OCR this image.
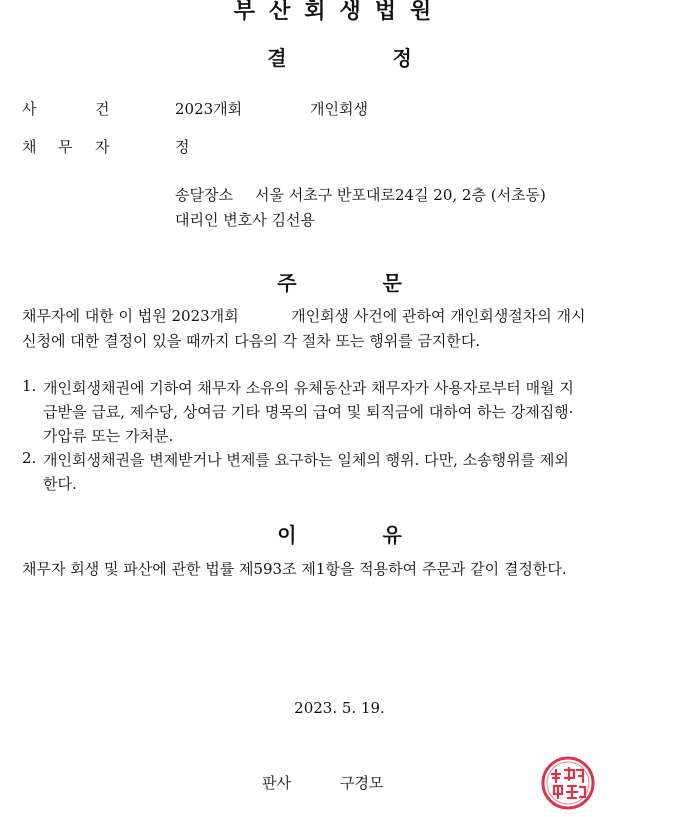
부산회생법원
결	정
사	건	2023개회	개인회생
채 무 자	정
송달장소 서울 서초구 반포대로24길 20, 2층 (서초동)
대리인 변호사 김선용
주	문
채무자에 대한 이 법원 2023개회           개인회생 사건에 관하여 개인회생절차의 개시
신청에 대한 결정이 있을 때까지 다음의 각 절차 또는 행위를 금지한다.
1. 개인회생채권에 기하여 채무자 소유의 유체동산과 채무자가 사용자로부터 매월 지
급받을 급료, 제수당, 상여금 기타 명목의 급여 및 퇴직금에 대하여 하는 강제집행·
가압류 또는 가처분.
2. 개인회생채권을 변제받거나 변제를 요구하는 일체의 행위. 다만, 소송행위를 제외
한다.
이	유
채무자 회생 및 파산에 관한 법률 제593조 제1항을 적용하여 주문과 같이 결정한다.
2023. 5. 19.
판사	구경모
